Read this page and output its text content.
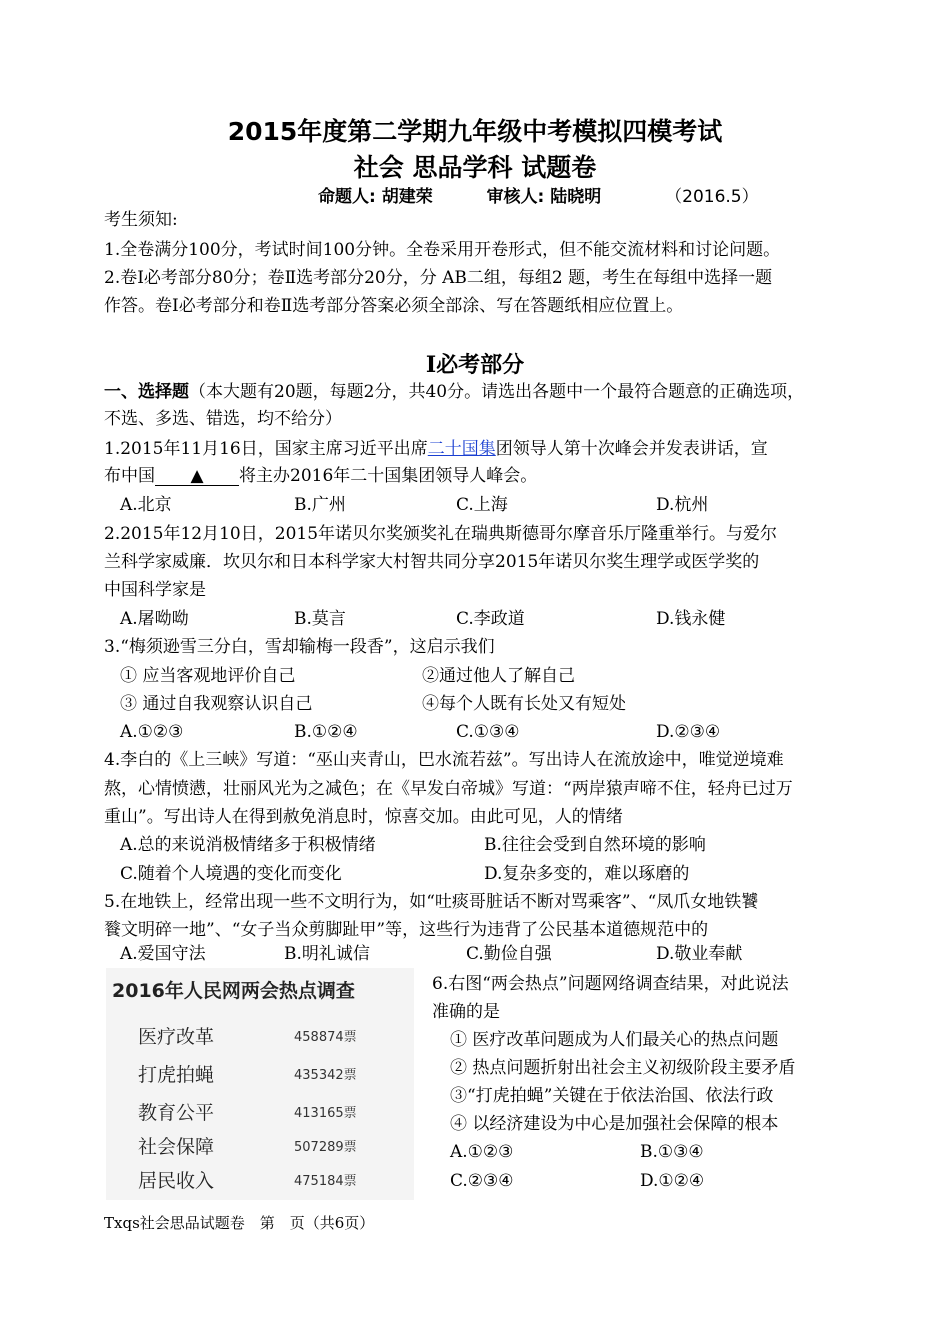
2015年度第二学期九年级中考模拟四模考试
社会 思品学科 试题卷
命题人: 胡建荣	审核人: 陆晓明	（2016.5）
考生须知:
1.全卷满分100分，考试时间100分钟。全卷采用开卷形式，但不能交流材料和讨论问题。
2.卷Ⅰ必考部分80分；卷Ⅱ选考部分20分，分 AB二组，每组2 题，考生在每组中选择一题
作答。卷Ⅰ必考部分和卷Ⅱ选考部分答案必须全部涂、写在答题纸相应位置上。
Ⅰ必考部分
一、选择题（本大题有20题，每题2分，共40分。请选出各题中一个最符合题意的正确选项，
不选、多选、错选，均不给分）
1.2015年11月16日，国家主席习近平出席二十国集团领导人第十次峰会并发表讲话，宣
布中国 ▲ 将主办2016年二十国集团领导人峰会。
A.北京	B.广州	C.上海	D.杭州
2.2015年12月10日，2015年诺贝尔奖颁奖礼在瑞典斯德哥尔摩音乐厅隆重举行。与爱尔
兰科学家威廉．坎贝尔和日本科学家大村智共同分享2015年诺贝尔奖生理学或医学奖的
中国科学家是
A.屠呦呦	B.莫言	C.李政道	D.钱永健
3.“梅须逊雪三分白，雪却输梅一段香”，这启示我们
① 应当客观地评价自己	②通过他人了解自己
③ 通过自我观察认识自己	④每个人既有长处又有短处
A.①②③	B.①②④	C.①③④	D.②③④
4.李白的《上三峡》写道：“巫山夹青山，巴水流若兹”。写出诗人在流放途中，唯觉逆境难
熬，心情愤懑，壮丽风光为之减色；在《早发白帝城》写道：“两岸猿声啼不住，轻舟已过万
重山”。写出诗人在得到赦免消息时，惊喜交加。由此可见，人的情绪
A.总的来说消极情绪多于积极情绪	B.往往会受到自然环境的影响
C.随着个人境遇的变化而变化	D.复杂多变的，难以琢磨的
5.在地铁上，经常出现一些不文明行为，如“吐痰哥脏话不断对骂乘客”、“凤爪女地铁饕
餮文明碎一地”、“女子当众剪脚趾甲”等，这些行为违背了公民基本道德规范中的
A.爱国守法	B.明礼诚信	C.勤俭自强	D.敬业奉献
2016年人民网两会热点调查
医疗改革	458874票
打虎拍蝇	435342票
教育公平	413165票
社会保障	507289票
居民收入	475184票
6.右图“两会热点”问题网络调查结果，对此说法
准确的是
① 医疗改革问题成为人们最关心的热点问题
② 热点问题折射出社会主义初级阶段主要矛盾
③“打虎拍蝇”关键在于依法治国、依法行政
④ 以经济建设为中心是加强社会保障的根本
A.①②③	B.①③④
C.②③④	D.①②④
Txqs社会思品试题卷　第　页（共6页）
